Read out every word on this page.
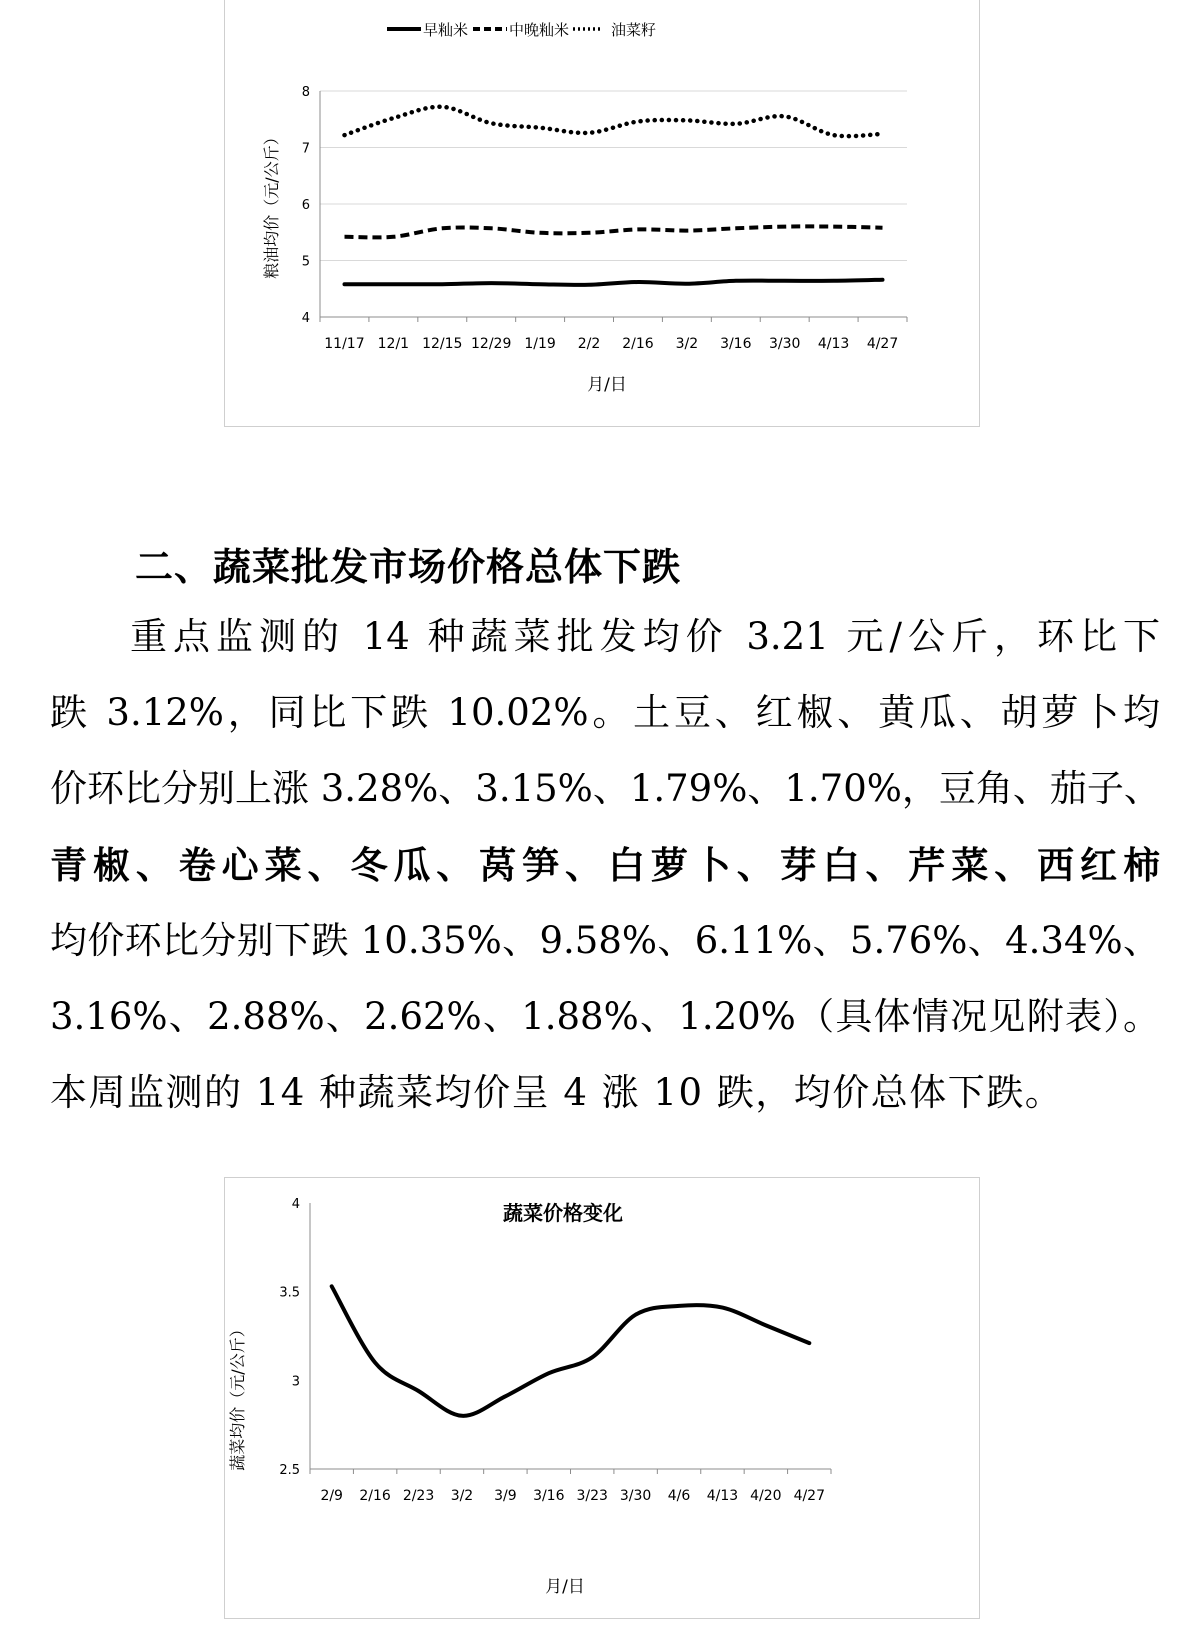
早籼米	中晚籼米	油菜籽
粮油均价（元/公斤）
月/日
4
5
6
7
8
11/17 12/1 12/15 12/29 1/19 2/2 2/16 3/2 3/16 3/30 4/13 4/27
二、蔬菜批发市场价格总体下跌
重点监测的 14 种蔬菜批发均价 3.21 元/公斤，环比下
跌 3.12%，同比下跌 10.02%。土豆、红椒、黄瓜、胡萝卜均
价环比分别上涨 3.28%、3.15%、1.79%、1.70%，豆角、茄子、
青椒、卷心菜、冬瓜、莴笋、白萝卜、芽白、芹菜、西红柿
均价环比分别下跌 10.35%、9.58%、6.11%、5.76%、4.34%、
3.16%、2.88%、2.62%、1.88%、1.20%（具体情况见附表）。
本周监测的 14 种蔬菜均价呈 4 涨 10 跌，均价总体下跌。
蔬菜价格变化
蔬菜均价（元/公斤）
月/日
2.5
3
3.5
4
2/9 2/16 2/23 3/2 3/9 3/16 3/23 3/30 4/6 4/13 4/20 4/27
